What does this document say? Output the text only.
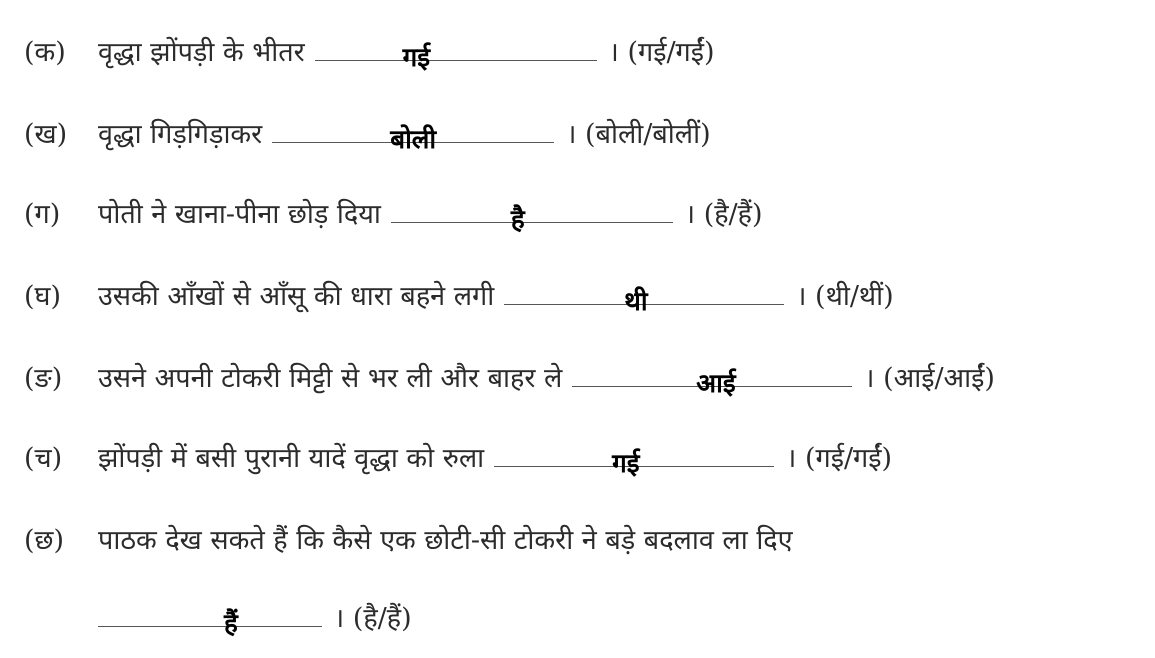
(क)	वृद्धा झोंपड़ी के भीतर	गई	। (गई/गईं)
(ख)	वृद्धा गिड़गिड़ाकर	बोली	। (बोली/बोलीं)
(ग)	पोती ने खाना-पीना छोड़ दिया	है	। (है/हैं)
(घ)	उसकी आँखों से आँसू की धारा बहने लगी	थी	। (थी/थीं)
(ङ)	उसने अपनी टोकरी मिट्टी से भर ली और बाहर ले	आई	। (आई/आईं)
(च)	झोंपड़ी में बसी पुरानी यादें वृद्धा को रुला	गई	। (गई/गईं)
(छ)	पाठक देख सकते हैं कि कैसे एक छोटी-सी टोकरी ने बड़े बदलाव ला दिए
हैं	। (है/हैं)
